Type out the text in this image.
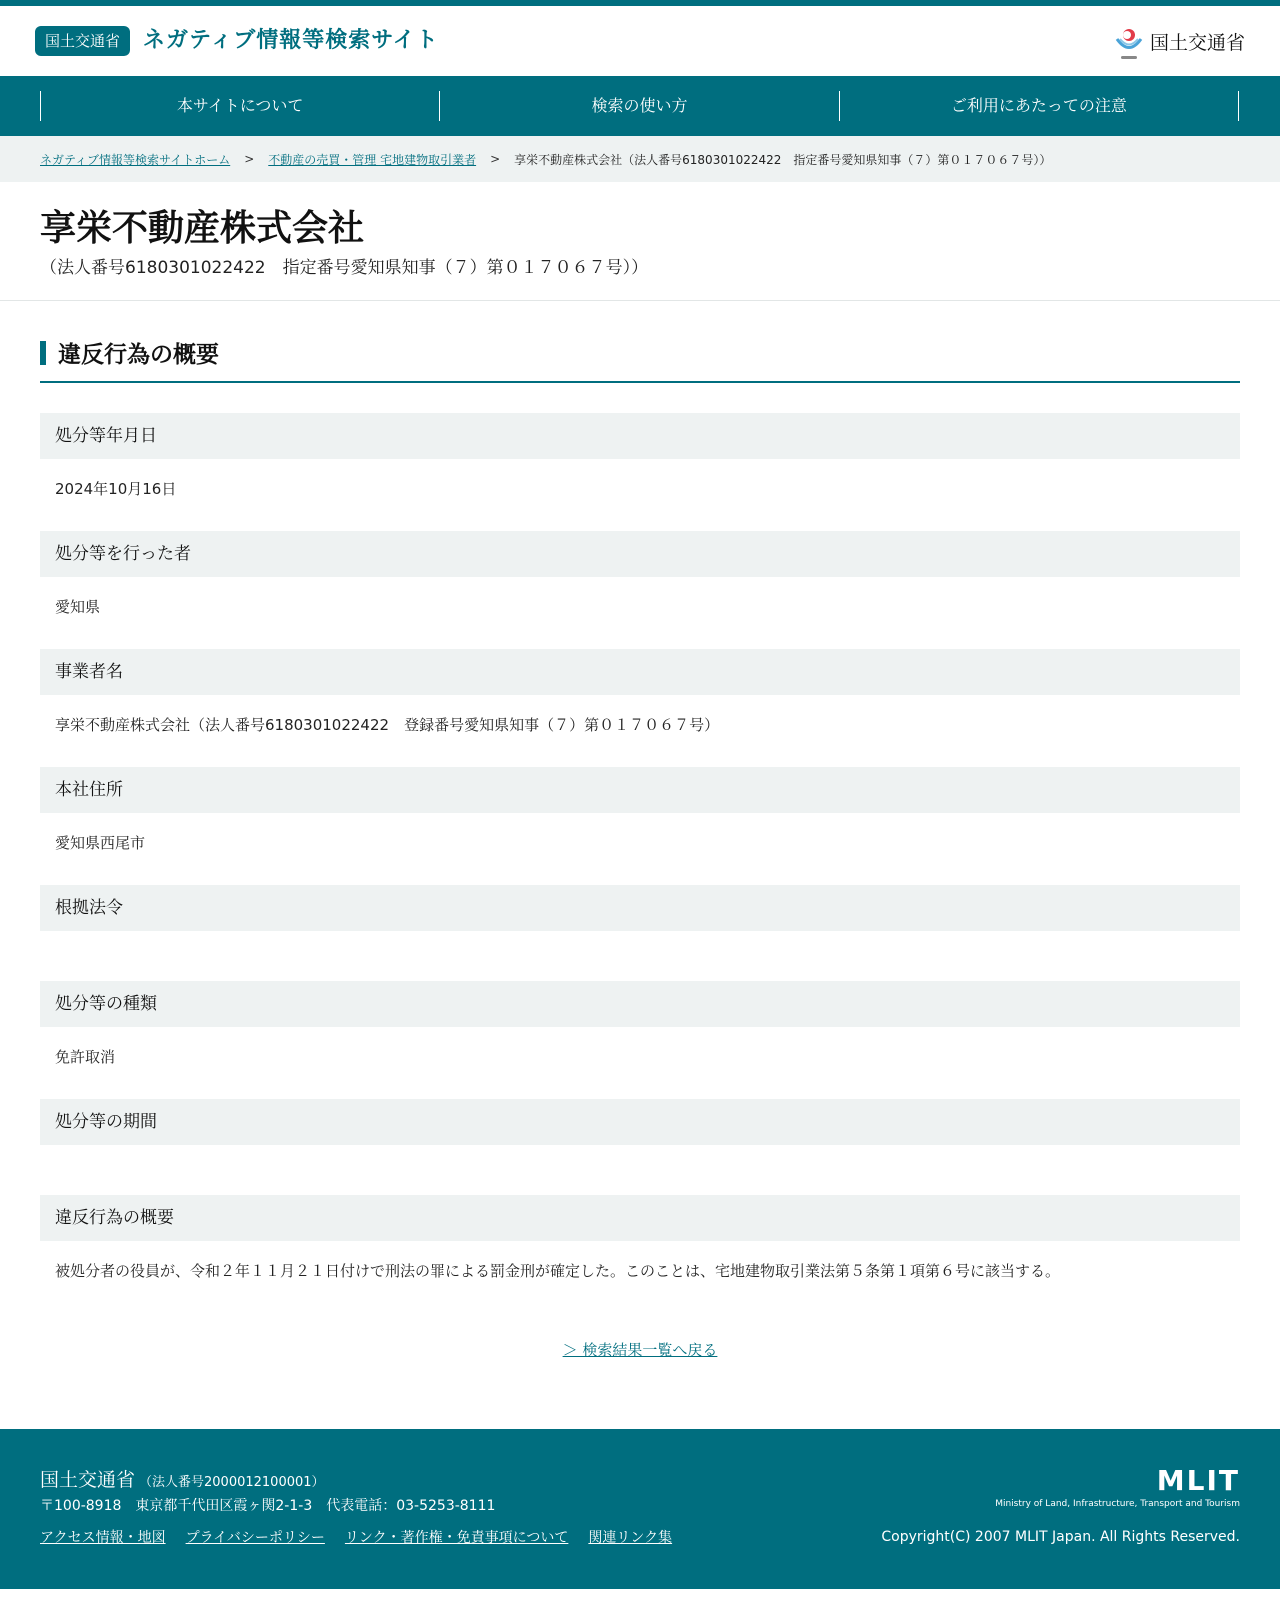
国土交通省	ネガティブ情報等検索サイト	国土交通省
本サイトについて	検索の使い方	ご利用にあたっての注意
ネガティブ情報等検索サイトホーム > 不動産の売買・管理 宅地建物取引業者 > 享栄不動産株式会社（法人番号6180301022422　指定番号愛知県知事（７）第０１７０６７号））
享栄不動産株式会社
（法人番号6180301022422　指定番号愛知県知事（７）第０１７０６７号））
違反行為の概要
処分等年月日
2024年10月16日
処分等を行った者
愛知県
事業者名
享栄不動産株式会社（法人番号6180301022422　登録番号愛知県知事（７）第０１７０６７号）
本社住所
愛知県西尾市
根拠法令
処分等の種類
免許取消
処分等の期間
違反行為の概要
被処分者の役員が、令和２年１１月２１日付けで刑法の罪による罰金刑が確定した。このことは、宅地建物取引業法第５条第１項第６号に該当する。
＞ 検索結果一覧へ戻る
国土交通省 （法人番号2000012100001）
〒100-8918　東京都千代田区霞ヶ関2-1-3　代表電話：03-5253-8111
アクセス情報・地図 プライバシーポリシー リンク・著作権・免責事項について 関連リンク集
MLIT
Ministry of Land, Infrastructure, Transport and Tourism
Copyright(C) 2007 MLIT Japan. All Rights Reserved.
